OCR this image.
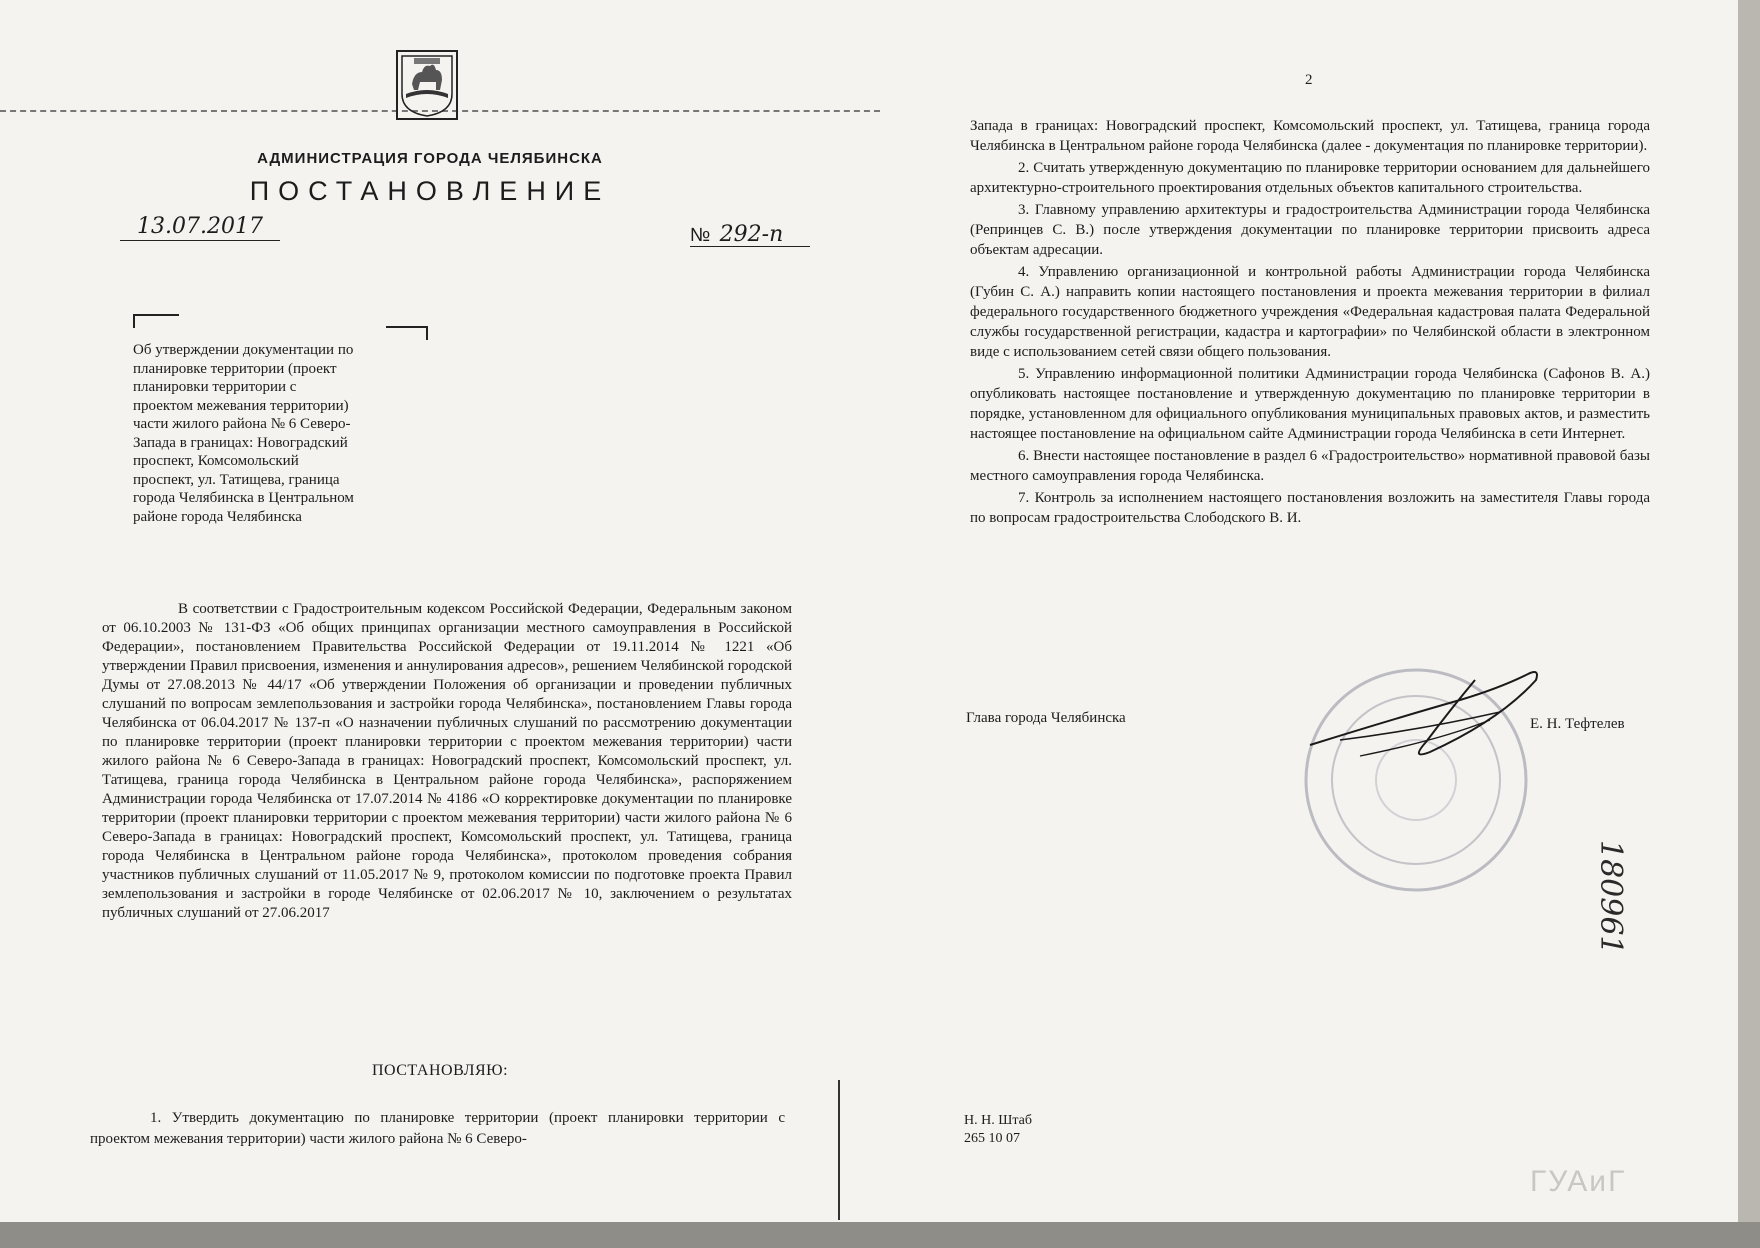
АДМИНИСТРАЦИЯ ГОРОДА ЧЕЛЯБИНСКА
ПОСТАНОВЛЕНИЕ
13.07.2017	№ 292-п

Об утверждении документации по

планировке территории (проект

планировки территории с

проектом межевания территории)

части жилого района № 6 Северо-

Запада в границах: Новоградский

проспект, Комсомольский

проспект, ул. Татищева, граница

города Челябинска в Центральном

районе города Челябинска

В соответствии с Градостроительным кодексом Российской Федерации, Федеральным законом от 06.10.2003 № 131-ФЗ «Об общих принципах организации местного самоуправления в Российской Федерации», постановлением Правительства Российской Федерации от 19.11.2014 № 1221 «Об утверждении Правил присвоения, изменения и аннулирования адресов», решением Челябинской городской Думы от 27.08.2013 № 44/17 «Об утверждении Положения об организации и проведении публичных слушаний по вопросам землепользования и застройки города Челябинска», постановлением Главы города Челябинска от 06.04.2017 № 137-п «О назначении публичных слушаний по рассмотрению документации по планировке территории (проект планировки территории с проектом межевания территории) части жилого района № 6 Северо-Запада в границах: Новоградский проспект, Комсомольский проспект, ул. Татищева, граница города Челябинска в Центральном районе города Челябинска», распоряжением Администрации города Челябинска от 17.07.2014 № 4186 «О корректировке документации по планировке территории (проект планировки территории с проектом межевания территории) части жилого района № 6 Северо-Запада в границах: Новоградский проспект, Комсомольский проспект, ул. Татищева, граница города Челябинска в Центральном районе города Челябинска», протоколом проведения собрания участников публичных слушаний от 11.05.2017 № 9, протоколом комиссии по подготовке проекта Правил землепользования и застройки в городе Челябинске от 02.06.2017 № 10, заключением о результатах публичных слушаний от 27.06.2017

ПОСТАНОВЛЯЮ:

1. Утвердить документацию по планировке территории (проект планировки территории с проектом межевания территории) части жилого района № 6 Северо-

2

Запада в границах: Новоградский проспект, Комсомольский проспект, ул. Татищева, граница города Челябинска в Центральном районе города Челябинска (далее - документация по планировке территории).

2. Считать утвержденную документацию по планировке территории основанием для дальнейшего архитектурно-строительного проектирования отдельных объектов капитального строительства.

3. Главному управлению архитектуры и градостроительства Администрации города Челябинска (Репринцев С. В.) после утверждения документации по планировке территории присвоить адреса объектам адресации.

4. Управлению организационной и контрольной работы Администрации города Челябинска (Губин С. А.) направить копии настоящего постановления и проекта межевания территории в филиал федерального государственного бюджетного учреждения «Федеральная кадастровая палата Федеральной службы государственной регистрации, кадастра и картографии» по Челябинской области в электронном виде с использованием сетей связи общего пользования.

5. Управлению информационной политики Администрации города Челябинска (Сафонов В. А.) опубликовать настоящее постановление и утвержденную документацию по планировке территории в порядке, установленном для официального опубликования муниципальных правовых актов, и разместить настоящее постановление на официальном сайте Администрации города Челябинска в сети Интернет.

6. Внести настоящее постановление в раздел 6 «Градостроительство» нормативной правовой базы местного самоуправления города Челябинска.

7. Контроль за исполнением настоящего постановления возложить на заместителя Главы города по вопросам градостроительства Слободского В. И.

Глава города Челябинска	Е. Н. Тефтелев
Н. Н. Штаб
265 10 07
180961
ГУАиГ
